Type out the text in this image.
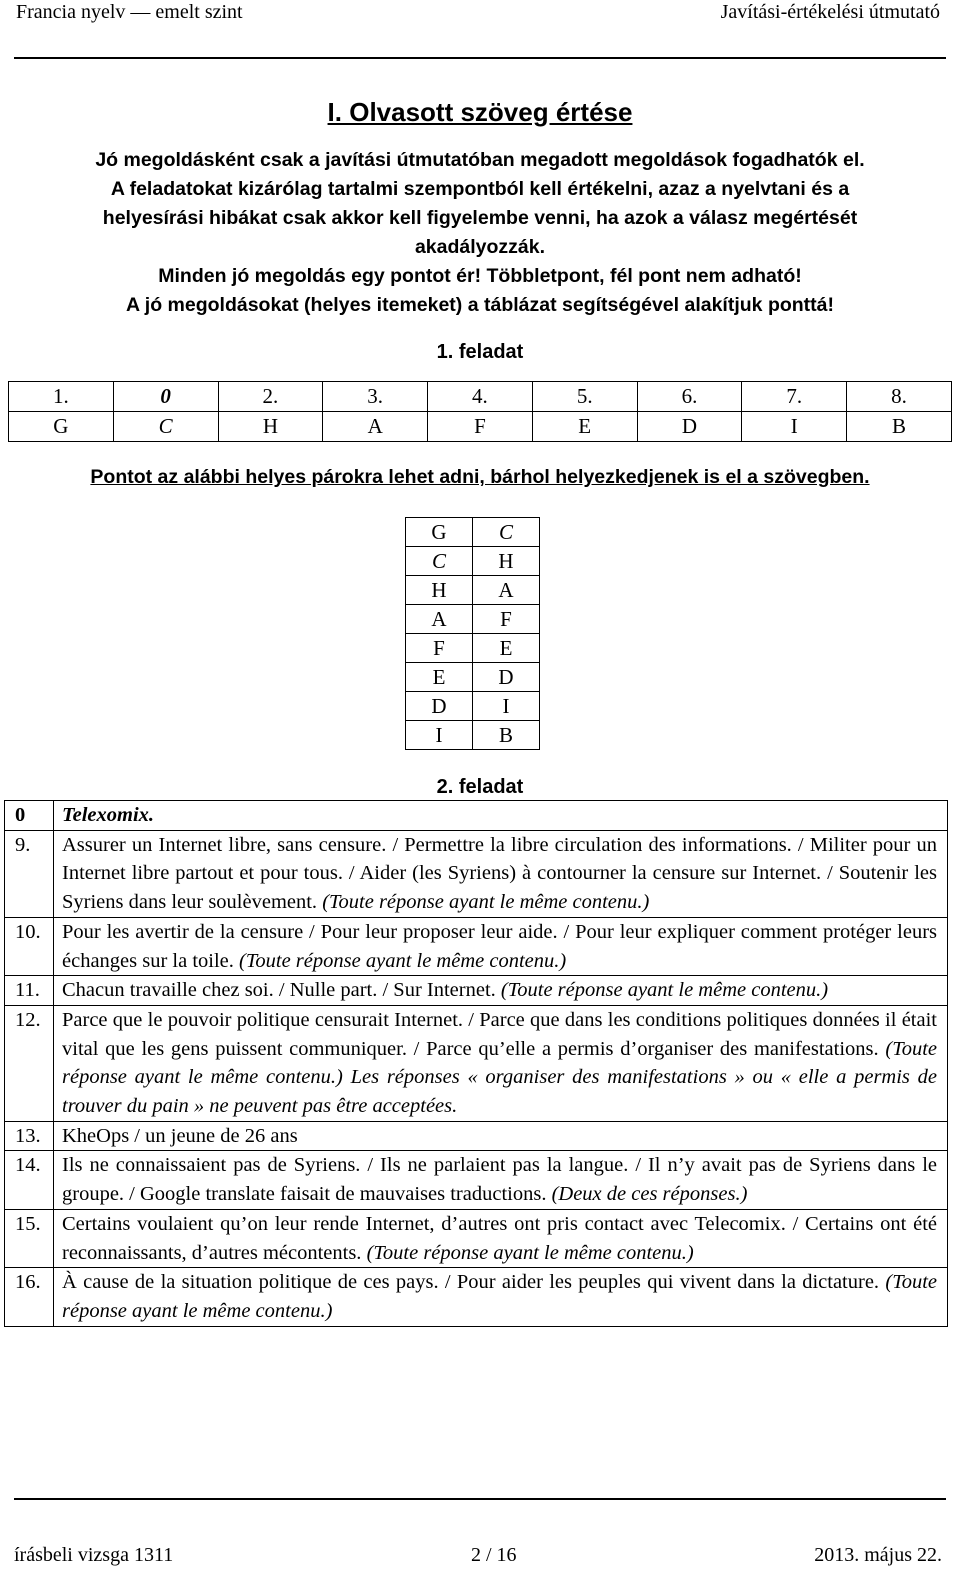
Francia nyelv — emelt szint	Javítási-értékelési útmutató
I. Olvasott szöveg értése

Jó megoldásként csak a javítási útmutatóban megadott megoldások fogadhatók el.

A feladatokat kizárólag tartalmi szempontból kell értékelni, azaz a nyelvtani és a

helyesírási hibákat csak akkor kell figyelembe venni, ha azok a válasz megértését

akadályozzák.

Minden jó megoldás egy pontot ér! Többletpont, fél pont nem adható!

A jó megoldásokat (helyes itemeket) a táblázat segítségével alakítjuk ponttá!

1. feladat
1.	0	2.	3.	4.	5.	6.	7.	8.
G	C	H	A	F	E	D	I	B
Pontot az alábbi helyes párokra lehet adni, bárhol helyezkedjenek is el a szövegben.
G	C
C	H
H	A
A	F
F	E
E	D
D	I
I	B
2. feladat
0	Telexomix.
9.	Assurer un Internet libre, sans censure. / Permettre la libre circulation des informations. / Militer pour un Internet libre partout et pour tous. / Aider (les Syriens) à contourner la censure sur Internet. / Soutenir les Syriens dans leur soulèvement. (Toute réponse ayant le même contenu.)
10.	Pour les avertir de la censure / Pour leur proposer leur aide. / Pour leur expliquer comment protéger leurs échanges sur la toile. (Toute réponse ayant le même contenu.)
11.	Chacun travaille chez soi. / Nulle part. / Sur Internet. (Toute réponse ayant le même contenu.)
12.	Parce que le pouvoir politique censurait Internet. / Parce que dans les conditions politiques données il était vital que les gens puissent communiquer. / Parce qu’elle a permis d’organiser des manifestations. (Toute réponse ayant le même contenu.) Les réponses « organiser des manifestations » ou « elle a permis de trouver du pain » ne peuvent pas être acceptées.
13.	KheOps / un jeune de 26 ans
14.	Ils ne connaissaient pas de Syriens. / Ils ne parlaient pas la langue. / Il n’y avait pas de Syriens dans le groupe. / Google translate faisait de mauvaises traductions. (Deux de ces réponses.)
15.	Certains voulaient qu’on leur rende Internet, d’autres ont pris contact avec Telecomix. / Certains ont été reconnaissants, d’autres mécontents. (Toute réponse ayant le même contenu.)
16.	À cause de la situation politique de ces pays. / Pour aider les peuples qui vivent dans la dictature. (Toute réponse ayant le même contenu.)
írásbeli vizsga 1311	2 / 16	2013. május 22.
